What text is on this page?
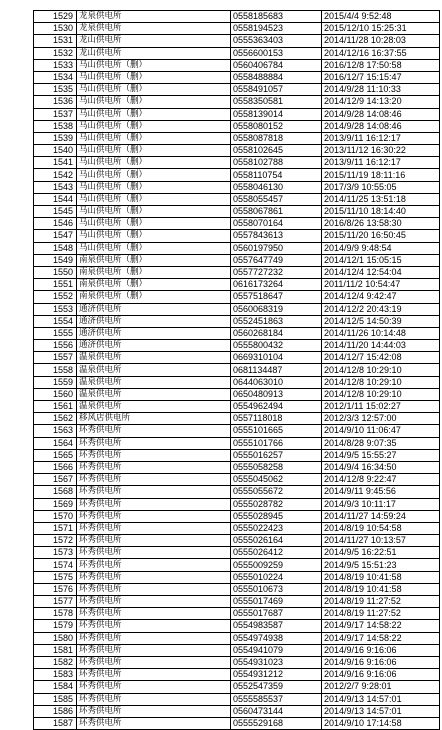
1529	龙泉供电所	0558185683	2015/4/4 9:52:48
1530	龙泉供电所	0558194523	2015/12/10 15:25:31
1531	龙山供电所	0555363403	2014/11/28 10:28:03
1532	龙山供电所	0556600153	2014/12/16 16:37:55
1533	马山供电所（删）	0560406784	2016/12/8 17:50:58
1534	马山供电所（删）	0558488884	2016/12/7 15:15:47
1535	马山供电所（删）	0558491057	2014/9/28 11:10:33
1536	马山供电所（删）	0558350581	2014/12/9 14:13:20
1537	马山供电所（删）	0558139014	2014/9/28 14:08:46
1538	马山供电所（删）	0558080152	2014/9/28 14:08:46
1539	马山供电所（删）	0558087818	2013/9/11 16:12:17
1540	马山供电所（删）	0558102645	2013/11/12 16:30:22
1541	马山供电所（删）	0558102788	2013/9/11 16:12:17
1542	马山供电所（删）	0558110754	2015/11/19 18:11:16
1543	马山供电所（删）	0558046130	2017/3/9 10:55:05
1544	马山供电所（删）	0558055457	2014/11/25 13:51:18
1545	马山供电所（删）	0558067861	2015/11/10 18:14:40
1546	马山供电所（删）	0558070164	2016/8/26 13:58:30
1547	马山供电所（删）	0557843613	2015/11/20 16:50:45
1548	马山供电所（删）	0560197950	2014/9/9 9:48:54
1549	南泉供电所（删）	0557647749	2014/12/1 15:05:15
1550	南泉供电所（删）	0557727232	2014/12/4 12:54:04
1551	南泉供电所（删）	0616173264	2011/11/2 10:54:47
1552	南泉供电所（删）	0557518647	2014/12/4 9:42:47
1553	通济供电所	0560068319	2014/12/2 20:43:19
1554	通济供电所	0552451863	2014/12/5 14:50:39
1555	通济供电所	0560268184	2014/11/26 10:14:48
1556	通济供电所	0555800432	2014/11/20 14:44:03
1557	温泉供电所	0669310104	2014/12/7 15:42:08
1558	温泉供电所	0681134487	2014/12/8 10:29:10
1559	温泉供电所	0644063010	2014/12/8 10:29:10
1560	温泉供电所	0650480913	2014/12/8 10:29:10
1561	温泉供电所	0554962494	2012/1/11 15:02:27
1562	移风店供电所	0557118018	2012/3/3 12:57:00
1563	环秀供电所	0555101665	2014/9/10 11:06:47
1564	环秀供电所	0555101766	2014/8/28 9:07:35
1565	环秀供电所	0555016257	2014/9/5 15:55:27
1566	环秀供电所	0555058258	2014/9/4 16:34:50
1567	环秀供电所	0555045062	2014/12/8 9:22:47
1568	环秀供电所	0555055672	2014/9/11 9:45:56
1569	环秀供电所	0555028782	2014/9/3 10:11:17
1570	环秀供电所	0555028945	2014/11/27 14:59:24
1571	环秀供电所	0555022423	2014/8/19 10:54:58
1572	环秀供电所	0555026164	2014/11/27 10:13:57
1573	环秀供电所	0555026412	2014/9/5 16:22:51
1574	环秀供电所	0555009259	2014/9/5 15:51:23
1575	环秀供电所	0555010224	2014/8/19 10:41:58
1576	环秀供电所	0555010673	2014/8/19 10:41:58
1577	环秀供电所	0555017469	2014/8/19 11:27:52
1578	环秀供电所	0555017687	2014/8/19 11:27:52
1579	环秀供电所	0554983587	2014/9/17 14:58:22
1580	环秀供电所	0554974938	2014/9/17 14:58:22
1581	环秀供电所	0554941079	2014/9/16 9:16:06
1582	环秀供电所	0554931023	2014/9/16 9:16:06
1583	环秀供电所	0554931212	2014/9/16 9:16:06
1584	环秀供电所	0552547359	2012/2/7 9:28:01
1585	环秀供电所	0555585537	2014/9/13 14:57:01
1586	环秀供电所	0560473144	2014/9/13 14:57:01
1587	环秀供电所	0555529168	2014/9/10 17:14:58
